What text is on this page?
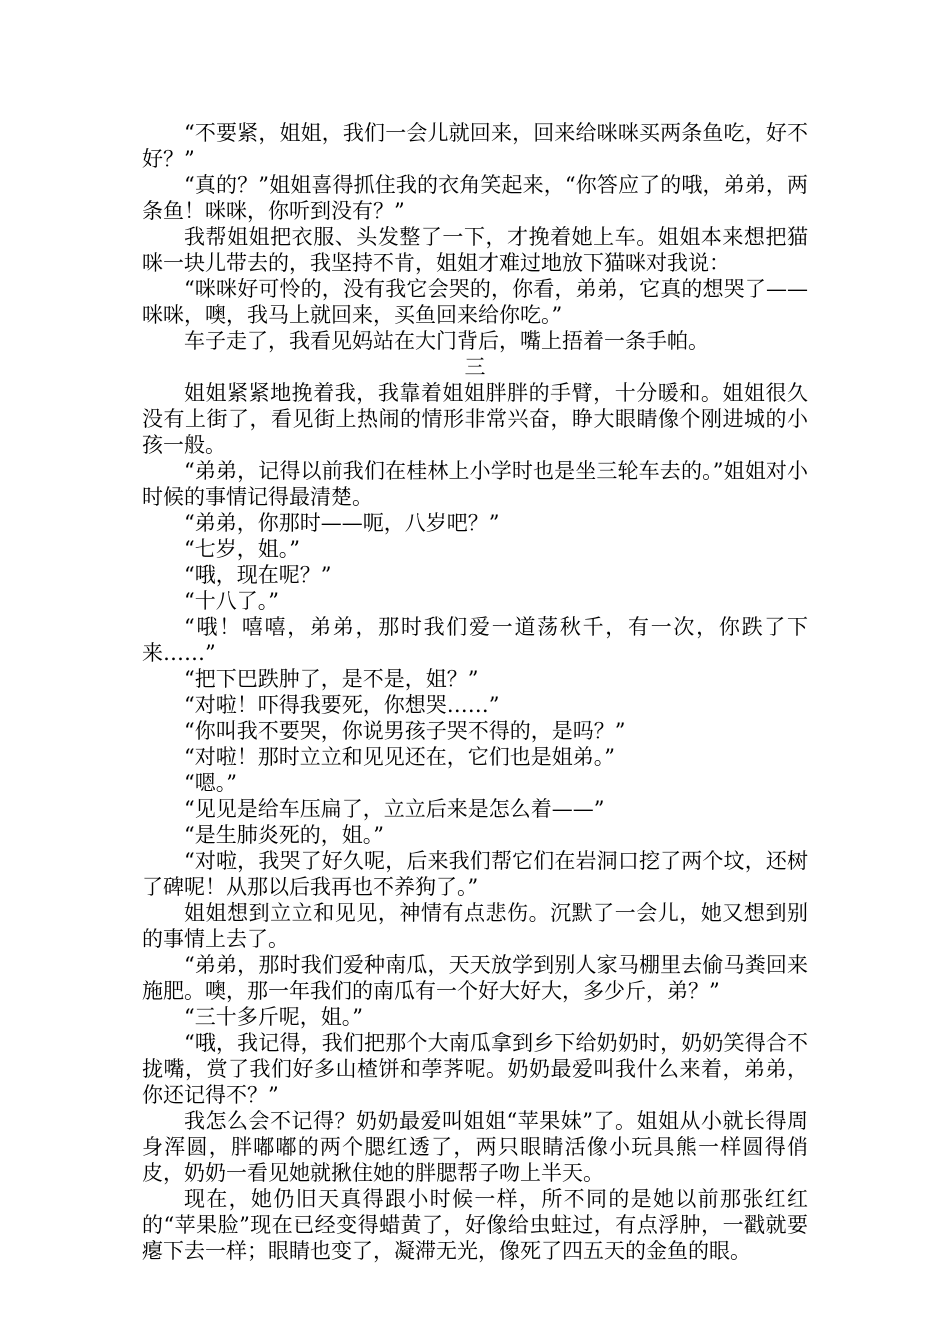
“不要紧，姐姐，我们一会儿就回来，回来给咪咪买两条鱼吃，好不好？”

“真的？”姐姐喜得抓住我的衣角笑起来，“你答应了的哦，弟弟，两条鱼！咪咪，你听到没有？”

我帮姐姐把衣服、头发整了一下，才挽着她上车。姐姐本来想把猫咪一块儿带去的，我坚持不肯，姐姐才难过地放下猫咪对我说：

“咪咪好可怜的，没有我它会哭的，你看，弟弟，它真的想哭了——咪咪，噢，我马上就回来，买鱼回来给你吃。”

车子走了，我看见妈站在大门背后，嘴上捂着一条手帕。

三

姐姐紧紧地挽着我，我靠着姐姐胖胖的手臂，十分暖和。姐姐很久没有上街了，看见街上热闹的情形非常兴奋，睁大眼睛像个刚进城的小孩一般。

“弟弟，记得以前我们在桂林上小学时也是坐三轮车去的。”姐姐对小时候的事情记得最清楚。

“弟弟，你那时——呃，八岁吧？”

“七岁，姐。”

“哦，现在呢？”

“十八了。”

“哦！嘻嘻，弟弟，那时我们爱一道荡秋千，有一次，你跌了下来……”

“把下巴跌肿了，是不是，姐？”

“对啦！吓得我要死，你想哭……”

“你叫我不要哭，你说男孩子哭不得的，是吗？”

“对啦！那时立立和见见还在，它们也是姐弟。”

“嗯。”

“见见是给车压扁了，立立后来是怎么着——”

“是生肺炎死的，姐。”

“对啦，我哭了好久呢，后来我们帮它们在岩洞口挖了两个坟，还树了碑呢！从那以后我再也不养狗了。”

姐姐想到立立和见见，神情有点悲伤。沉默了一会儿，她又想到别的事情上去了。

“弟弟，那时我们爱种南瓜，天天放学到别人家马棚里去偷马粪回来施肥。噢，那一年我们的南瓜有一个好大好大，多少斤，弟？”

“三十多斤呢，姐。”

“哦，我记得，我们把那个大南瓜拿到乡下给奶奶时，奶奶笑得合不拢嘴，赏了我们好多山楂饼和荸荠呢。奶奶最爱叫我什么来着，弟弟，你还记得不？”

我怎么会不记得？奶奶最爱叫姐姐“苹果妹”了。姐姐从小就长得周身浑圆，胖嘟嘟的两个腮红透了，两只眼睛活像小玩具熊一样圆得俏皮，奶奶一看见她就揪住她的胖腮帮子吻上半天。

现在，她仍旧天真得跟小时候一样，所不同的是她以前那张红红的“苹果脸”现在已经变得蜡黄了，好像给虫蛀过，有点浮肿，一戳就要瘪下去一样；眼睛也变了，凝滞无光，像死了四五天的金鱼的眼。
